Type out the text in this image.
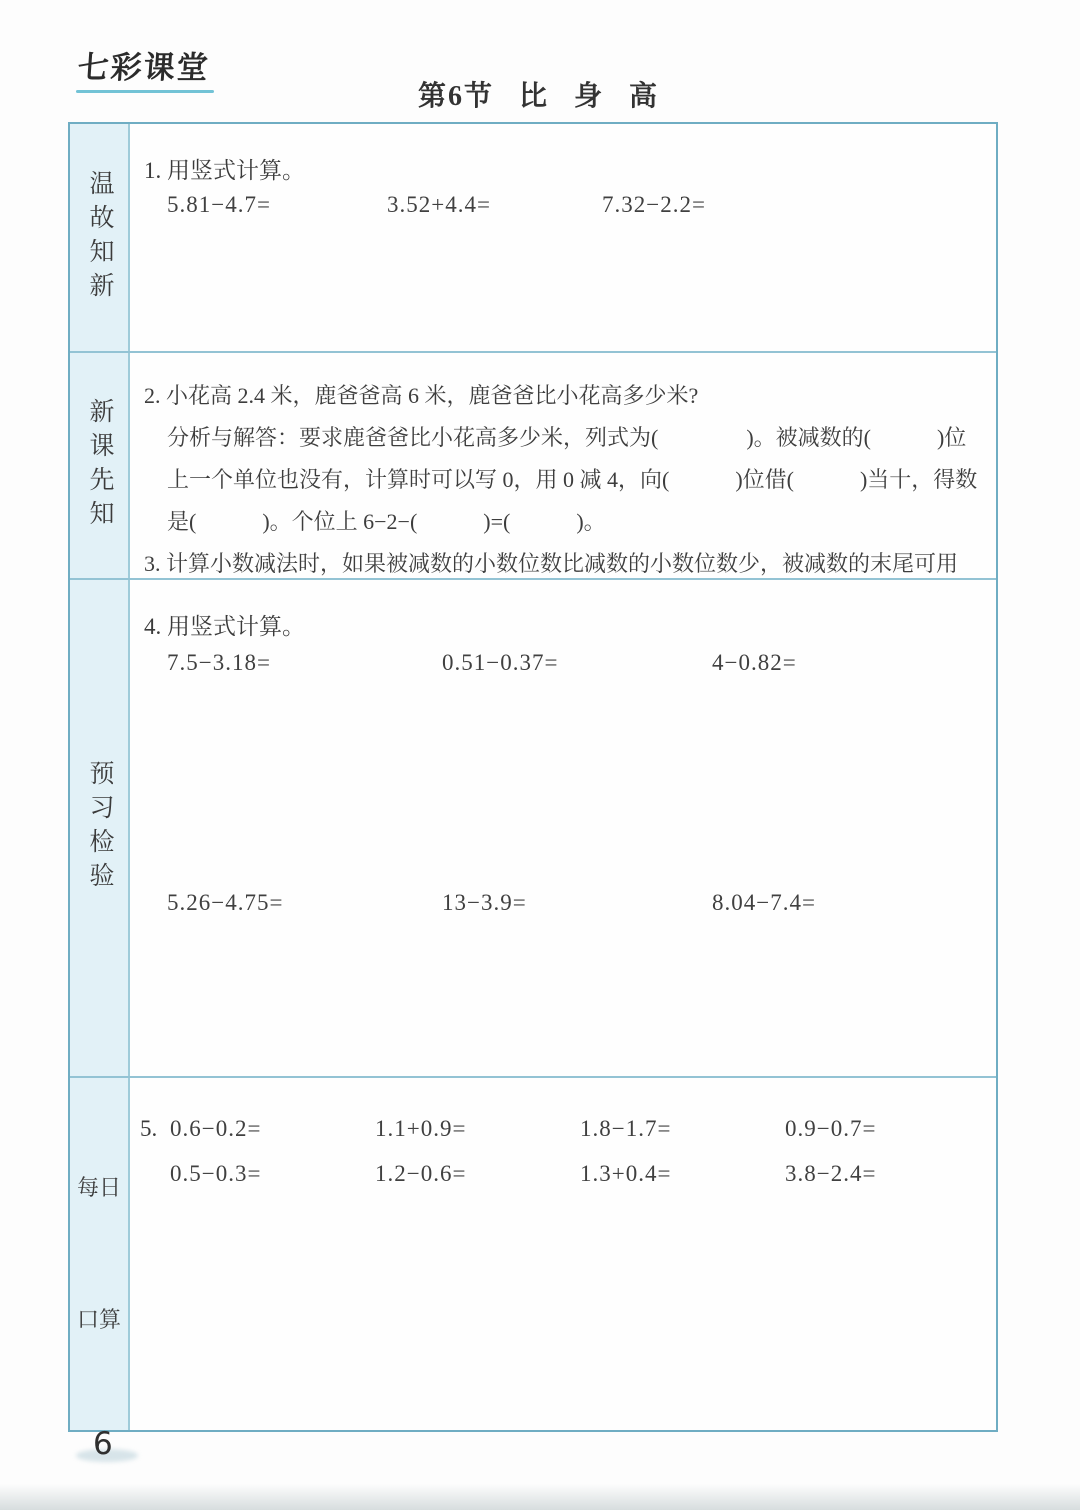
七彩课堂
第6节 比 身 高
温故知新 1. 用竖式计算。
5.81−4.7=	3.52+4.4=	7.32−2.2=
新课先知
2. 小花高 2.4 米，鹿爸爸高 6 米，鹿爸爸比小花高多少米?
分析与解答：要求鹿爸爸比小花高多少米，列式为(　　　　)。被减数的(　　　)位
上一个单位也没有，计算时可以写 0，用 0 减 4，向(　　　)位借(　　　)当十，得数
是(　　　)。个位上 6−2−(　　　)=(　　　)。
3. 计算小数减法时，如果被减数的小数位数比减数的小数位数少，被减数的末尾可用
预习检验
4. 用竖式计算。
7.5−3.18=	0.51−0.37=	4−0.82=
5.26−4.75=	13−3.9=	8.04−7.4=

每日

口算

5. 0.6−0.2=	1.1+0.9=	1.8−1.7=	0.9−0.7=
0.5−0.3=	1.2−0.6=	1.3+0.4=	3.8−2.4=
6
